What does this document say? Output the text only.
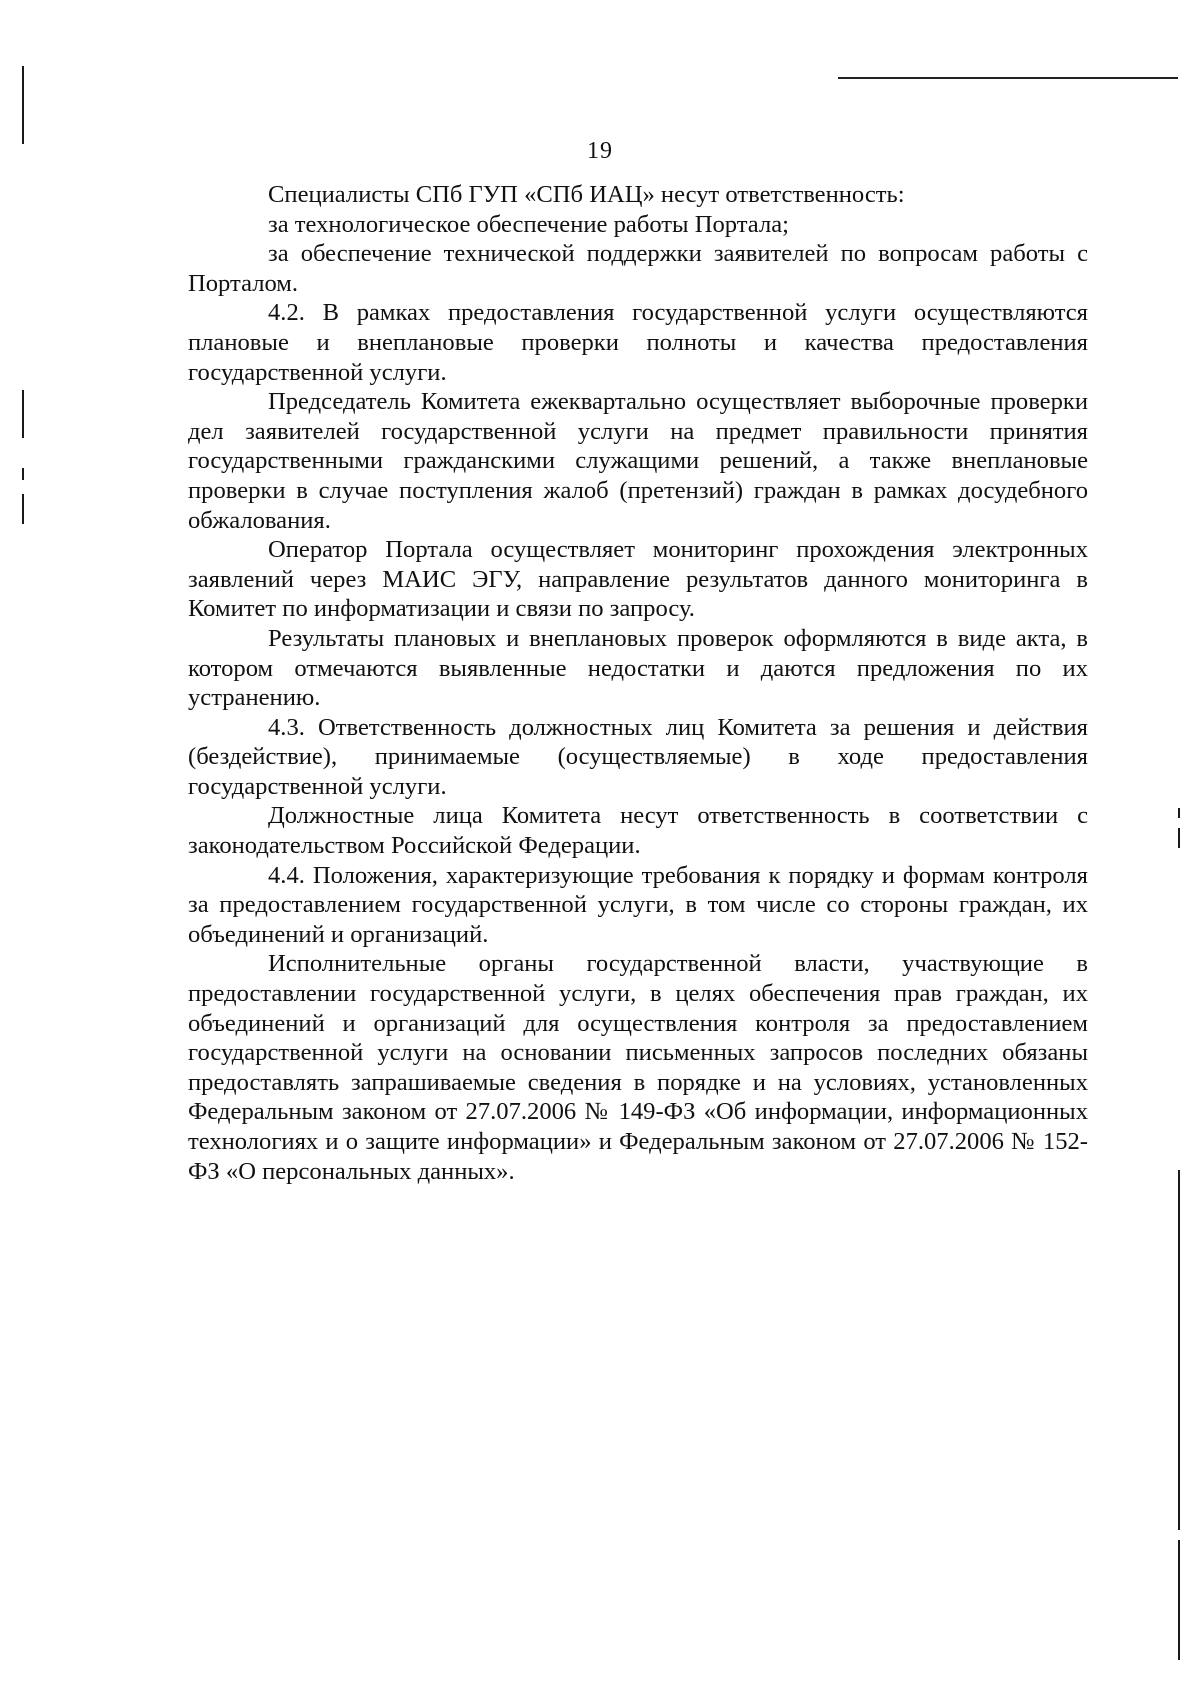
19

Специалисты СПб ГУП «СПб ИАЦ» несут ответственность:

за технологическое обеспечение работы Портала;

за обеспечение технической поддержки заявителей по вопросам работы с Порталом.

4.2. В рамках предоставления государственной услуги осуществляются плановые и внеплановые проверки полноты и качества предоставления государственной услуги.

Председатель Комитета ежеквартально осуществляет выборочные проверки дел заявителей государственной услуги на предмет правильности принятия государственными гражданскими служащими решений, а также внеплановые проверки в случае поступления жалоб (претензий) граждан в рамках досудебного обжалования.

Оператор Портала осуществляет мониторинг прохождения электронных заявлений через МАИС ЭГУ, направление результатов данного мониторинга в Комитет по информатизации и связи по запросу.

Результаты плановых и внеплановых проверок оформляются в виде акта, в котором отмечаются выявленные недостатки и даются предложения по их устранению.

4.3. Ответственность должностных лиц Комитета за решения и действия (бездействие), принимаемые (осуществляемые) в ходе предоставления государственной услуги.

Должностные лица Комитета несут ответственность в соответствии с законодательством Российской Федерации.

4.4. Положения, характеризующие требования к порядку и формам контроля за предоставлением государственной услуги, в том числе со стороны граждан, их объединений и организаций.

Исполнительные органы государственной власти, участвующие в предоставлении государственной услуги, в целях обеспечения прав граждан, их объединений и организаций для осуществления контроля за предоставлением государственной услуги на основании письменных запросов последних обязаны предоставлять запрашиваемые сведения в порядке и на условиях, установленных Федеральным законом от 27.07.2006 № 149-ФЗ «Об информации, информационных технологиях и о защите информации» и Федеральным законом от 27.07.2006 № 152-ФЗ «О персональных данных».
